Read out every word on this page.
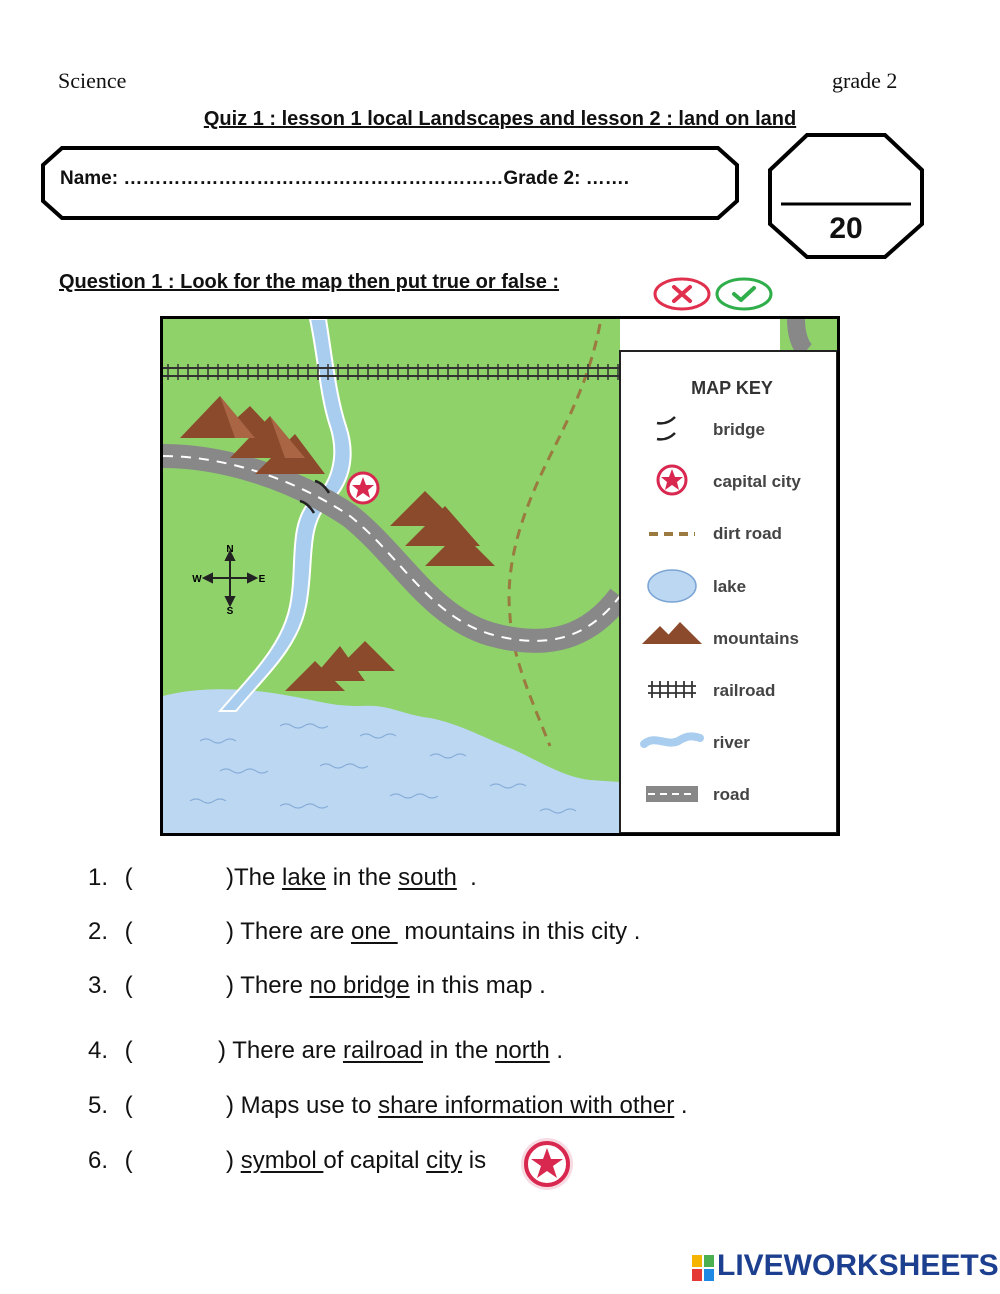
Science	grade 2
Quiz 1 : lesson 1 local Landscapes and lesson 2 : land on land
Name: ……………………………………………………Grade 2: …….
20
Question 1 : Look for the map then put true or false :
N
S
W	E
MAP KEY
bridge
capital city
dirt road
lake
mountains
railroad
river
road
1. (	)The lake in the south  .
2. (	) There are one  mountains in this city .
3. (	) There no bridge in this map .
4. (	) There are railroad in the north .
5. (	) Maps use to share information with other .
6. (	) symbol of capital city is
LIVEWORKSHEETS
